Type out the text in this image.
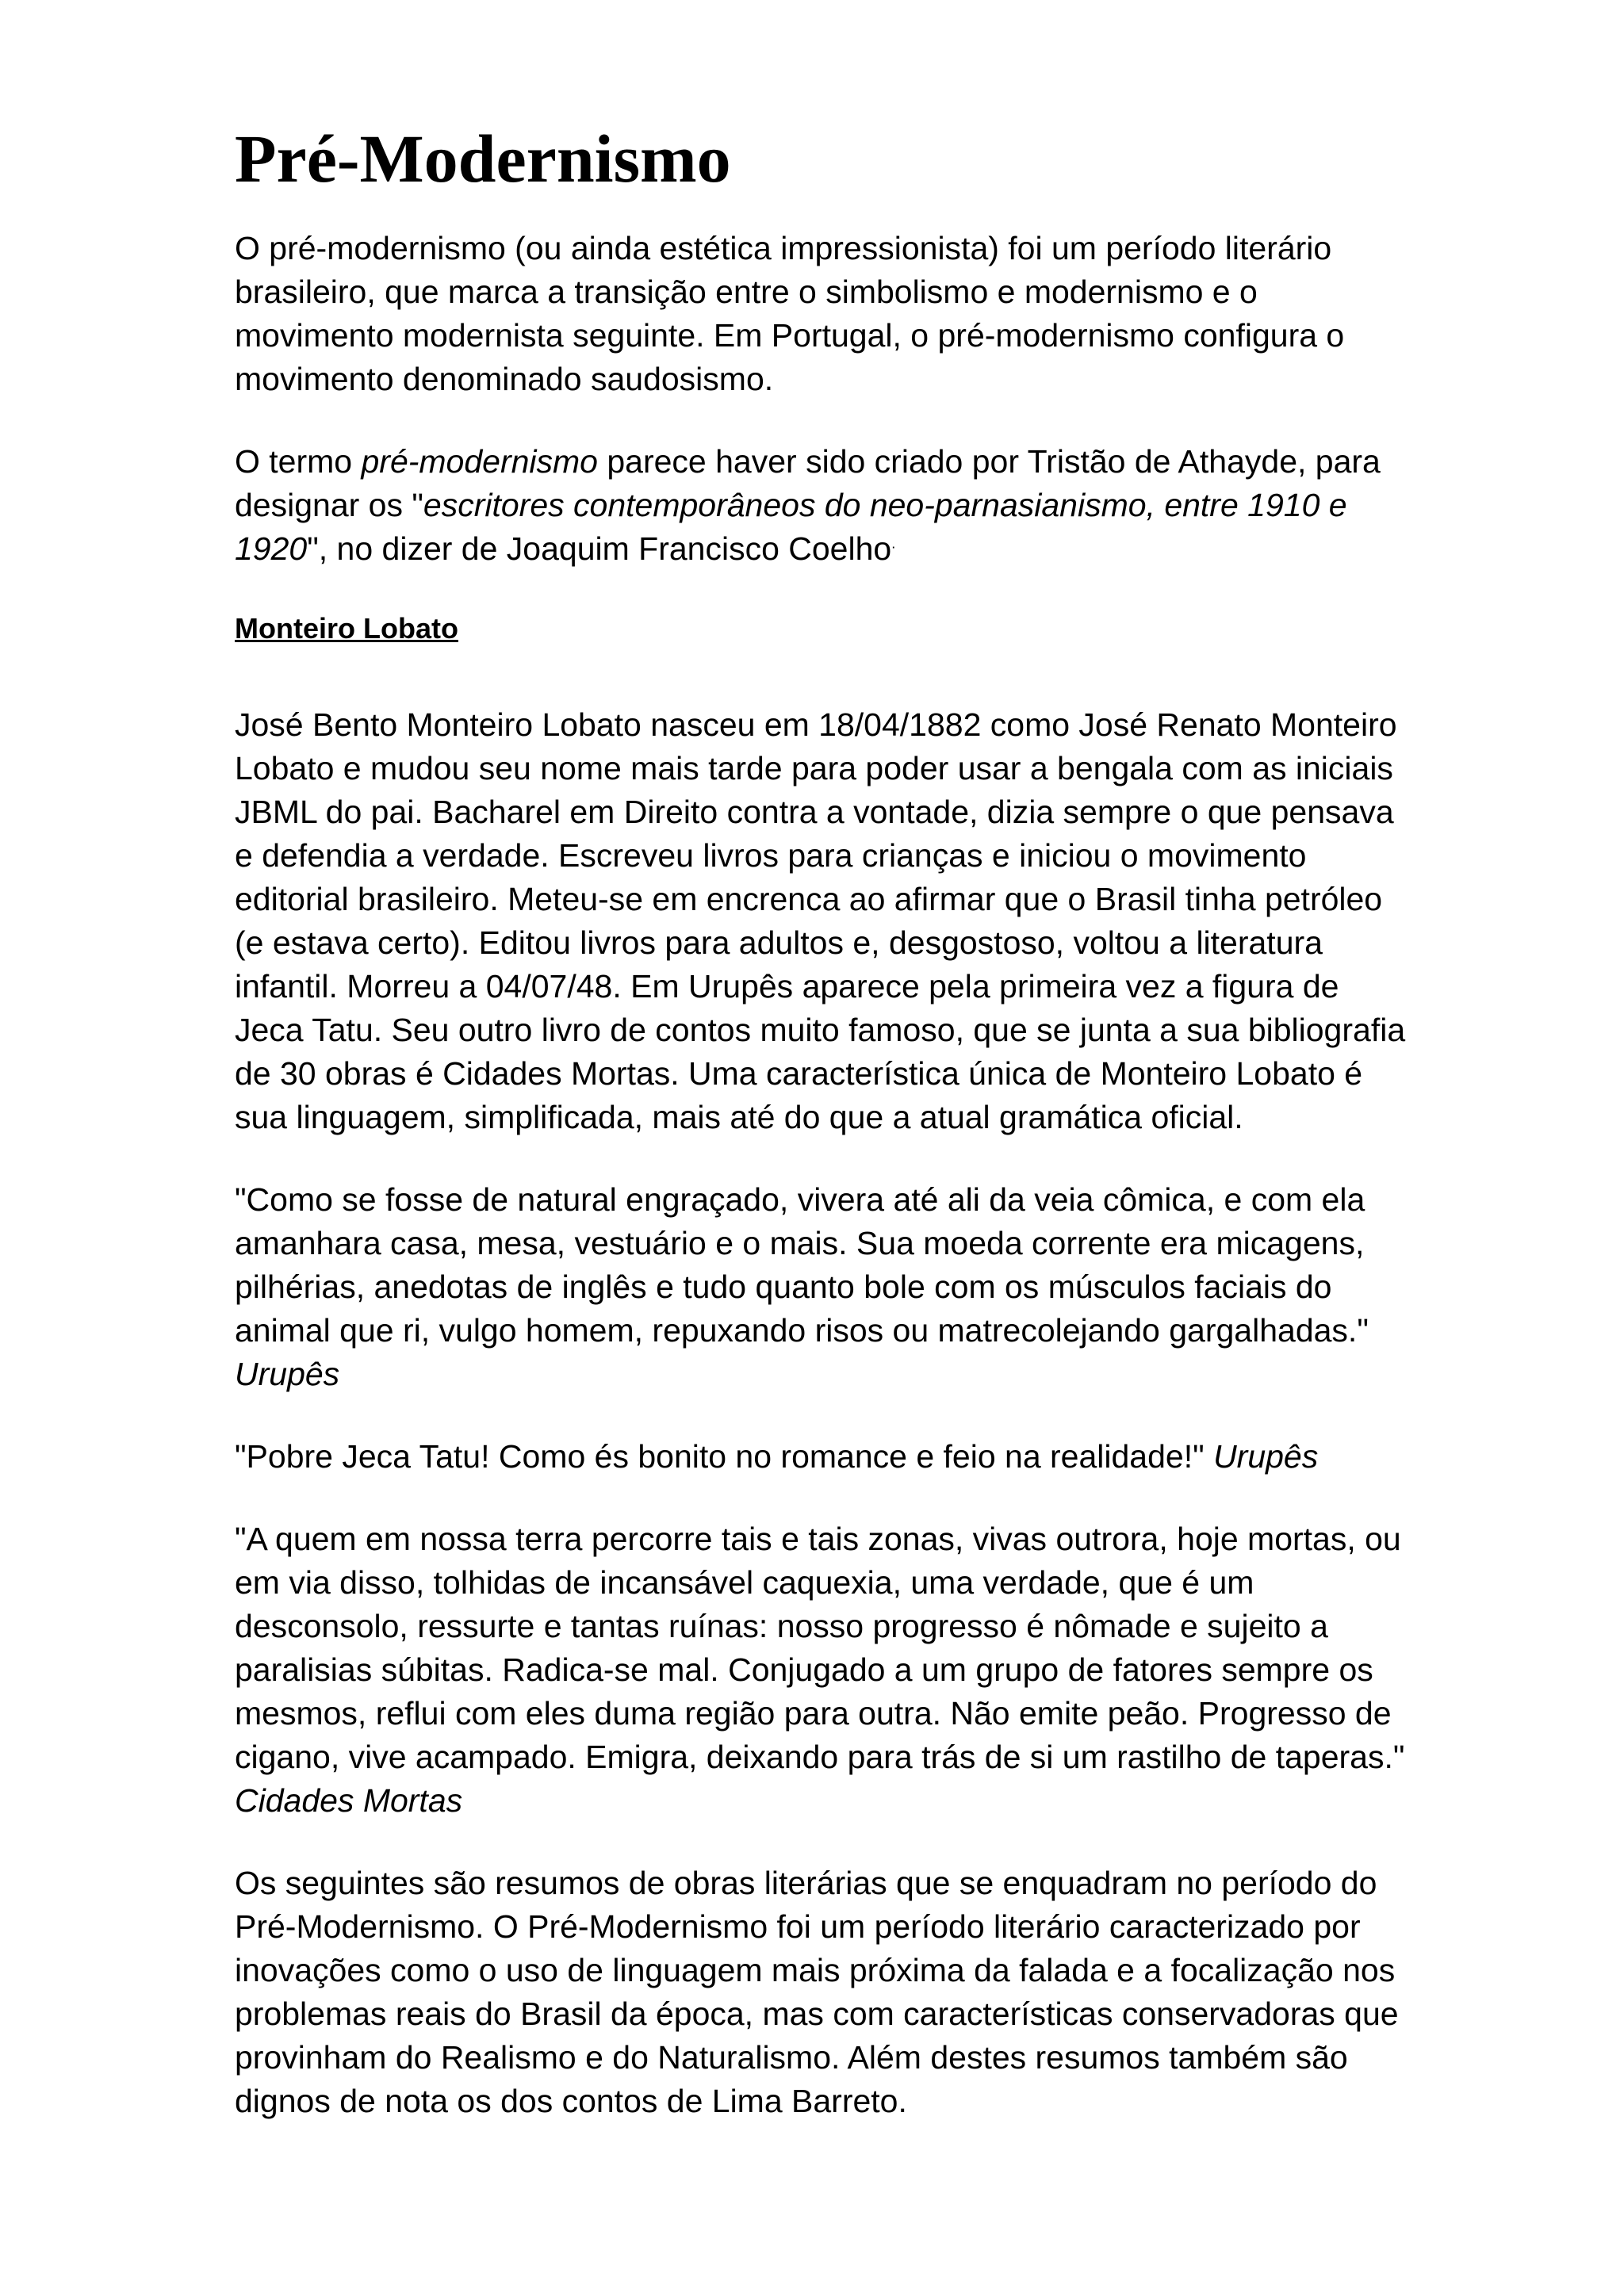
Pré-Modernismo

O pré-modernismo (ou ainda estética impressionista) foi um período literário brasileiro, que marca a transição entre o simbolismo e modernismo e o movimento modernista seguinte. Em Portugal, o pré-modernismo configura o movimento denominado saudosismo.

O termo pré-modernismo parece haver sido criado por Tristão de Athayde, para designar os "escritores contemporâneos do neo-parnasianismo, entre 1910 e 1920", no dizer de Joaquim Francisco Coelho.

Monteiro Lobato

José Bento Monteiro Lobato nasceu em 18/04/1882 como José Renato Monteiro Lobato e mudou seu nome mais tarde para poder usar a bengala com as iniciais JBML do pai. Bacharel em Direito contra a vontade, dizia sempre o que pensava e defendia a verdade. Escreveu livros para crianças e iniciou o movimento editorial brasileiro. Meteu-se em encrenca ao afirmar que o Brasil tinha petróleo (e estava certo). Editou livros para adultos e, desgostoso, voltou a literatura infantil. Morreu a 04/07/48. Em Urupês aparece pela primeira vez a figura de Jeca Tatu. Seu outro livro de contos muito famoso, que se junta a sua bibliografia de 30 obras é Cidades Mortas. Uma característica única de Monteiro Lobato é sua linguagem, simplificada, mais até do que a atual gramática oficial.

"Como se fosse de natural engraçado, vivera até ali da veia cômica, e com ela amanhara casa, mesa, vestuário e o mais. Sua moeda corrente era micagens, pilhérias, anedotas de inglês e tudo quanto bole com os músculos faciais do animal que ri, vulgo homem, repuxando risos ou matrecolejando gargalhadas." Urupês

"Pobre Jeca Tatu! Como és bonito no romance e feio na realidade!" Urupês

"A quem em nossa terra percorre tais e tais zonas, vivas outrora, hoje mortas, ou em via disso, tolhidas de incansável caquexia, uma verdade, que é um desconsolo, ressurte e tantas ruínas: nosso progresso é nômade e sujeito a paralisias súbitas. Radica-se mal. Conjugado a um grupo de fatores sempre os mesmos, reflui com eles duma região para outra. Não emite peão. Progresso de cigano, vive acampado. Emigra, deixando para trás de si um rastilho de taperas." Cidades Mortas

Os seguintes são resumos de obras literárias que se enquadram no período do Pré-Modernismo. O Pré-Modernismo foi um período literário caracterizado por inovações como o uso de linguagem mais próxima da falada e a focalização nos problemas reais do Brasil da época, mas com características conservadoras que provinham do Realismo e do Naturalismo. Além destes resumos também são dignos de nota os dos contos de Lima Barreto.
